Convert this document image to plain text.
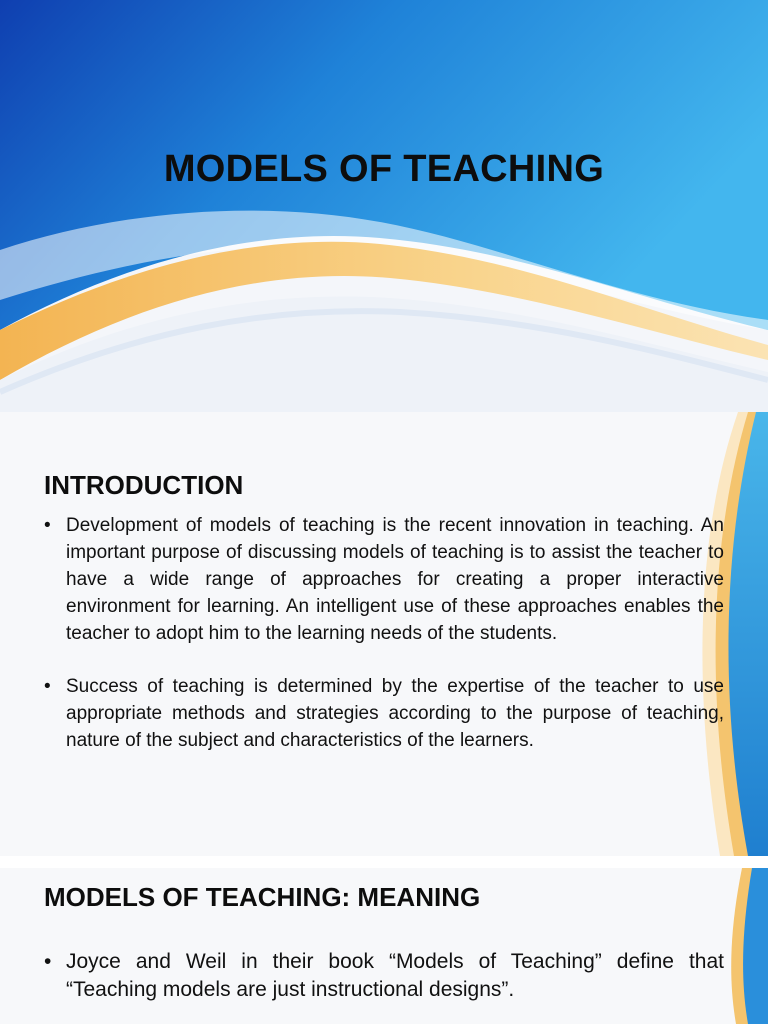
MODELS OF TEACHING
INTRODUCTION
• Development of models of teaching is the recent innovation in teaching. An important purpose of discussing models of teaching is to assist the teacher to have a wide range of approaches for creating a proper interactive environment for learning. An intelligent use of these approaches enables the teacher to adopt him to the learning needs of the students.
• Success of teaching is determined by the expertise of the teacher to use appropriate methods and strategies according to the purpose of teaching, nature of the subject and characteristics of the learners.
MODELS OF TEACHING: MEANING
• Joyce and Weil in their book “Models of Teaching” define that “Teaching models are just instructional designs”.
